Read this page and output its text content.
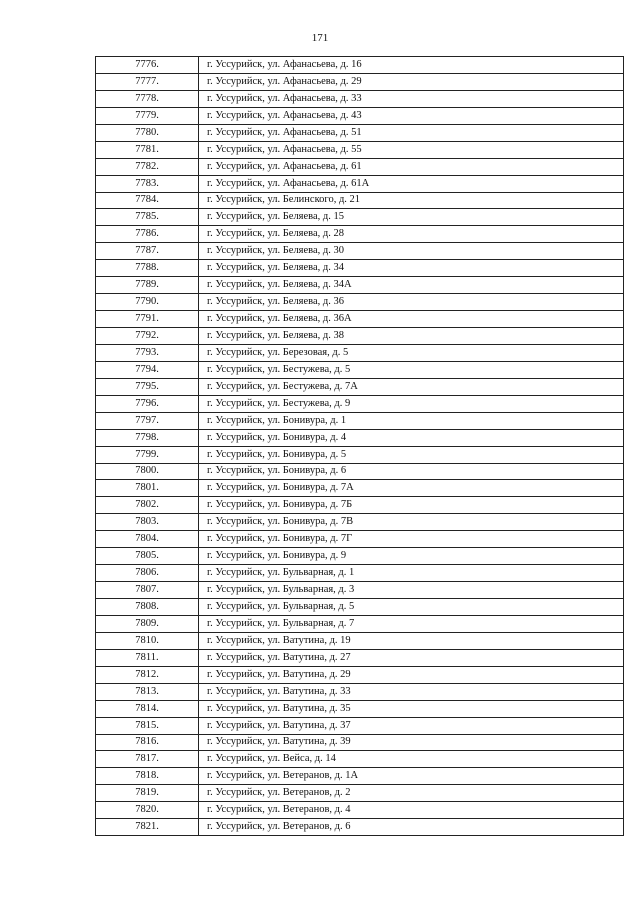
171
7776.	г. Уссурийск, ул. Афанасьева, д. 16
7777.	г. Уссурийск, ул. Афанасьева, д. 29
7778.	г. Уссурийск, ул. Афанасьева, д. 33
7779.	г. Уссурийск, ул. Афанасьева, д. 43
7780.	г. Уссурийск, ул. Афанасьева, д. 51
7781.	г. Уссурийск, ул. Афанасьева, д. 55
7782.	г. Уссурийск, ул. Афанасьева, д. 61
7783.	г. Уссурийск, ул. Афанасьева, д. 61А
7784.	г. Уссурийск, ул. Белинского, д. 21
7785.	г. Уссурийск, ул. Беляева, д. 15
7786.	г. Уссурийск, ул. Беляева, д. 28
7787.	г. Уссурийск, ул. Беляева, д. 30
7788.	г. Уссурийск, ул. Беляева, д. 34
7789.	г. Уссурийск, ул. Беляева, д. 34А
7790.	г. Уссурийск, ул. Беляева, д. 36
7791.	г. Уссурийск, ул. Беляева, д. 36А
7792.	г. Уссурийск, ул. Беляева, д. 38
7793.	г. Уссурийск, ул. Березовая, д. 5
7794.	г. Уссурийск, ул. Бестужева, д. 5
7795.	г. Уссурийск, ул. Бестужева, д. 7А
7796.	г. Уссурийск, ул. Бестужева, д. 9
7797.	г. Уссурийск, ул. Бонивура, д. 1
7798.	г. Уссурийск, ул. Бонивура, д. 4
7799.	г. Уссурийск, ул. Бонивура, д. 5
7800.	г. Уссурийск, ул. Бонивура, д. 6
7801.	г. Уссурийск, ул. Бонивура, д. 7А
7802.	г. Уссурийск, ул. Бонивура, д. 7Б
7803.	г. Уссурийск, ул. Бонивура, д. 7В
7804.	г. Уссурийск, ул. Бонивура, д. 7Г
7805.	г. Уссурийск, ул. Бонивура, д. 9
7806.	г. Уссурийск, ул. Бульварная, д. 1
7807.	г. Уссурийск, ул. Бульварная, д. 3
7808.	г. Уссурийск, ул. Бульварная, д. 5
7809.	г. Уссурийск, ул. Бульварная, д. 7
7810.	г. Уссурийск, ул. Ватутина, д. 19
7811.	г. Уссурийск, ул. Ватутина, д. 27
7812.	г. Уссурийск, ул. Ватутина, д. 29
7813.	г. Уссурийск, ул. Ватутина, д. 33
7814.	г. Уссурийск, ул. Ватутина, д. 35
7815.	г. Уссурийск, ул. Ватутина, д. 37
7816.	г. Уссурийск, ул. Ватутина, д. 39
7817.	г. Уссурийск, ул. Вейса, д. 14
7818.	г. Уссурийск, ул. Ветеранов, д. 1А
7819.	г. Уссурийск, ул. Ветеранов, д. 2
7820.	г. Уссурийск, ул. Ветеранов, д. 4
7821.	г. Уссурийск, ул. Ветеранов, д. 6
